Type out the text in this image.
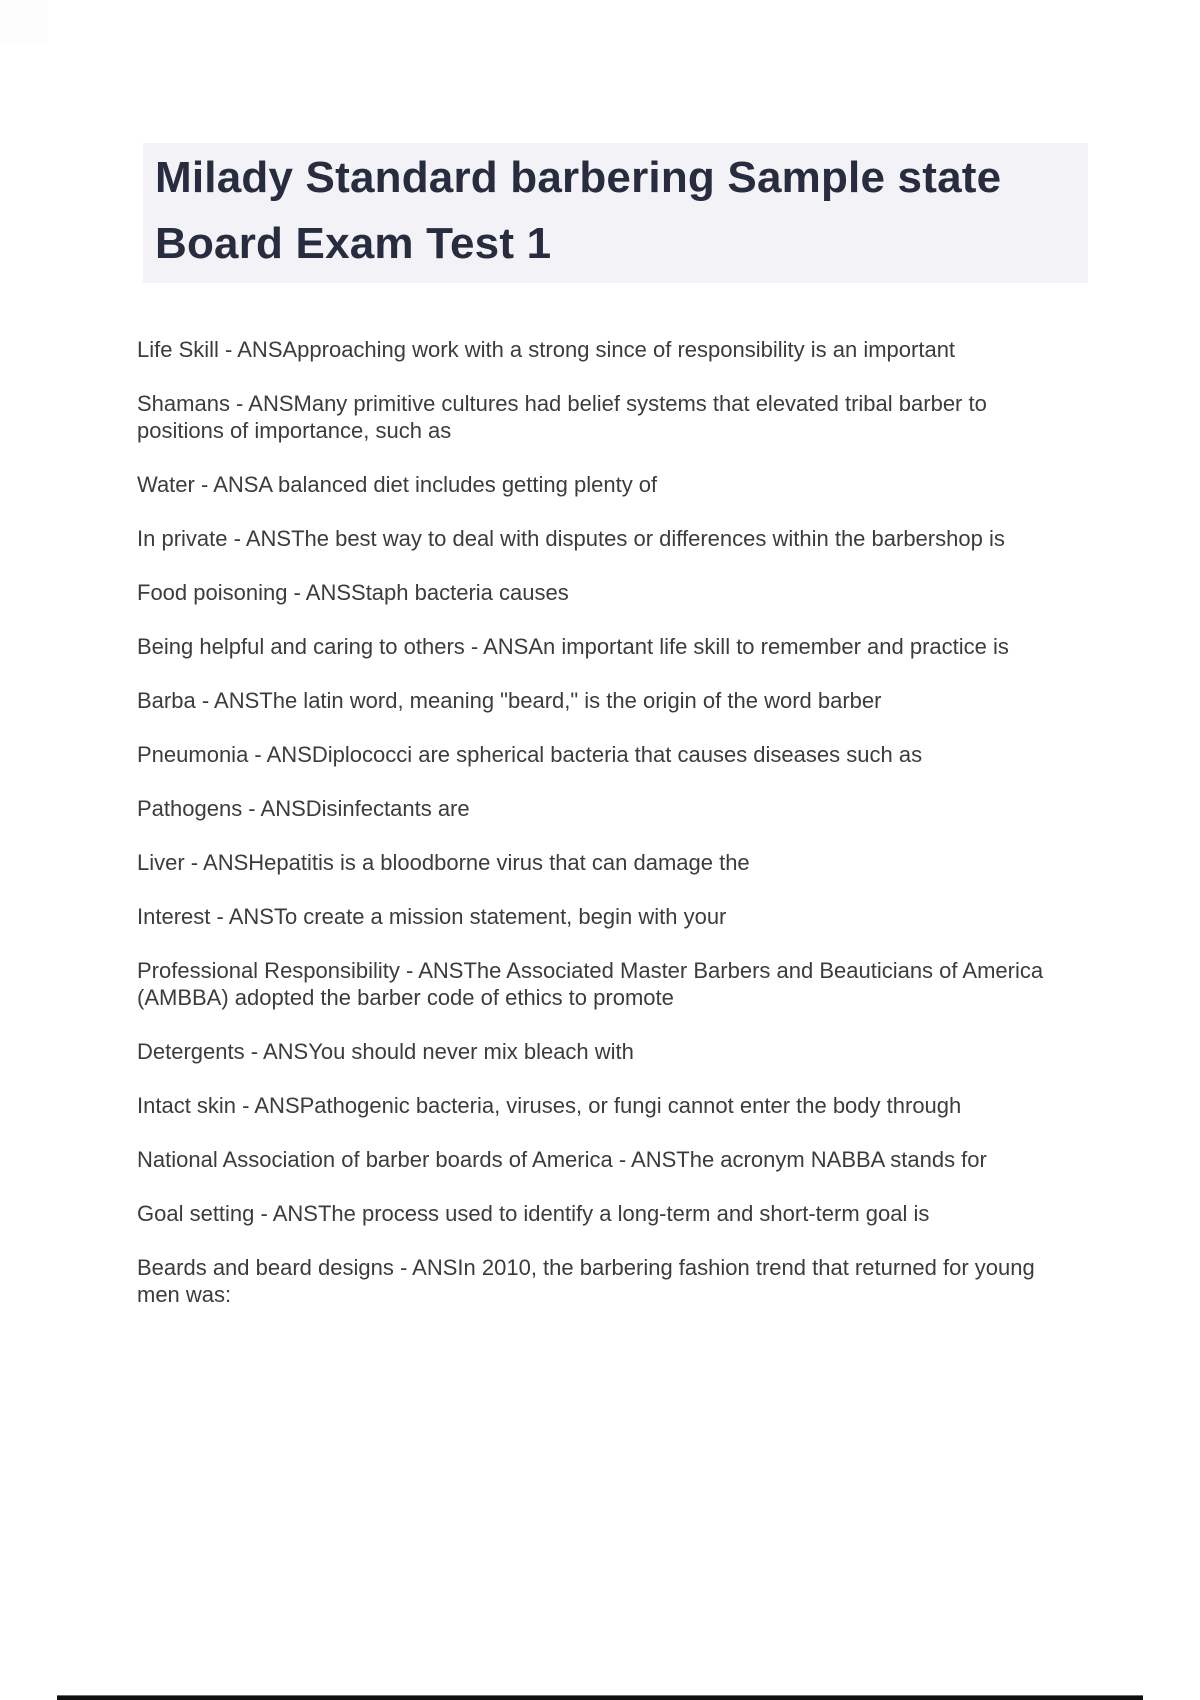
Milady Standard barbering Sample state
Board Exam Test 1

Life Skill - ANSApproaching work with a strong since of responsibility is an important

Shamans - ANSMany primitive cultures had belief systems that elevated tribal barber to
positions of importance, such as

Water - ANSA balanced diet includes getting plenty of

In private - ANSThe best way to deal with disputes or differences within the barbershop is

Food poisoning - ANSStaph bacteria causes

Being helpful and caring to others - ANSAn important life skill to remember and practice is

Barba - ANSThe latin word, meaning "beard," is the origin of the word barber

Pneumonia - ANSDiplococci are spherical bacteria that causes diseases such as

Pathogens - ANSDisinfectants are

Liver - ANSHepatitis is a bloodborne virus that can damage the

Interest - ANSTo create a mission statement, begin with your

Professional Responsibility - ANSThe Associated Master Barbers and Beauticians of America
(AMBBA) adopted the barber code of ethics to promote

Detergents - ANSYou should never mix bleach with

Intact skin - ANSPathogenic bacteria, viruses, or fungi cannot enter the body through

National Association of barber boards of America - ANSThe acronym NABBA stands for

Goal setting - ANSThe process used to identify a long-term and short-term goal is

Beards and beard designs - ANSIn 2010, the barbering fashion trend that returned for young
men was:
